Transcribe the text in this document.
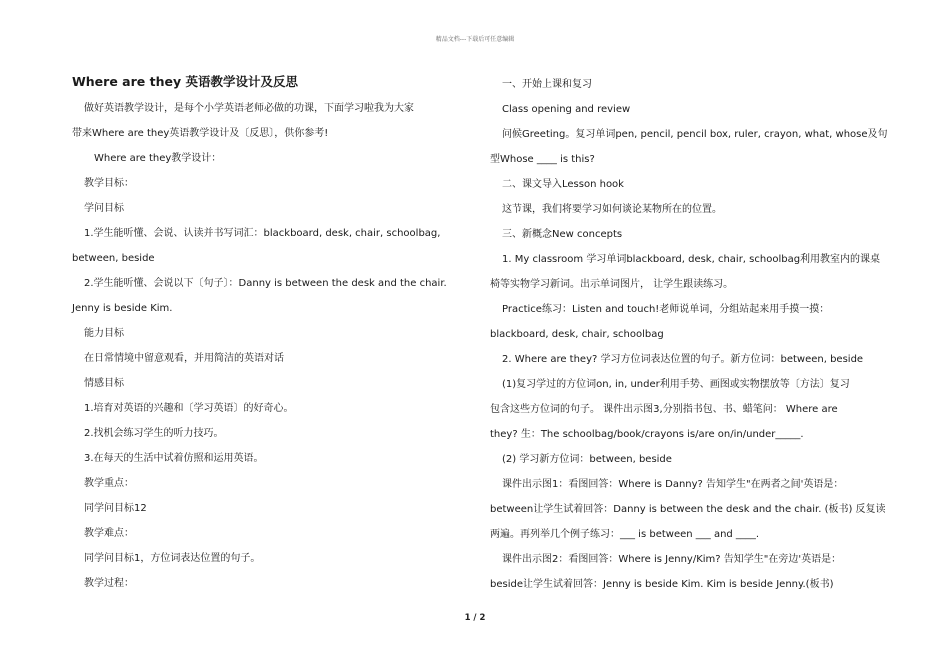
精品文档---下载后可任意编辑
Where are they 英语教学设计及反思
做好英语教学设计，是每个小学英语老师必做的功课，下面学习啦我为大家
带来Where are they英语教学设计及〔反思〕，供你参考!
Where are they教学设计：
教学目标：
学问目标
1.学生能听懂、会说、认读并书写词汇：blackboard, desk, chair, schoolbag,
between, beside
2.学生能听懂、会说以下〔句子〕：Danny is between the desk and the chair.
Jenny is beside Kim.
能力目标
在日常情境中留意观看，并用简洁的英语对话
情感目标
1.培育对英语的兴趣和〔学习英语〕的好奇心。
2.找机会练习学生的听力技巧。
3.在每天的生活中试着仿照和运用英语。
教学重点：
同学问目标12
教学难点：
同学问目标1，方位词表达位置的句子。
教学过程：
一、开始上课和复习
Class opening and review
问候Greeting。复习单词pen, pencil, pencil box, ruler, crayon, what, whose及句
型Whose ____ is this?
二、课文导入Lesson hook
这节课，我们将要学习如何谈论某物所在的位置。
三、新概念New concepts
1. My classroom 学习单词blackboard, desk, chair, schoolbag利用教室内的课桌
椅等实物学习新词。出示单词图片， 让学生跟读练习。
Practice练习：Listen and touch!老师说单词，分组站起来用手摸一摸：
blackboard, desk, chair, schoolbag
2. Where are they? 学习方位词表达位置的句子。新方位词：between, beside
(1)复习学过的方位词on, in, under利用手势、画图或实物摆放等〔方法〕复习
包含这些方位词的句子。 课件出示图3,分别指书包、书、蜡笔问： Where are
they? 生：The schoolbag/book/crayons is/are on/in/under_____.
(2) 学习新方位词：between, beside
课件出示图1：看图回答：Where is Danny? 告知学生"在两者之间'英语是：
between让学生试着回答：Danny is between the desk and the chair. (板书) 反复读
两遍。再列举几个例子练习：___ is between ___ and ____.
课件出示图2：看图回答：Where is Jenny/Kim? 告知学生"在旁边'英语是：
beside让学生试着回答：Jenny is beside Kim. Kim is beside Jenny.(板书)
1 / 2
